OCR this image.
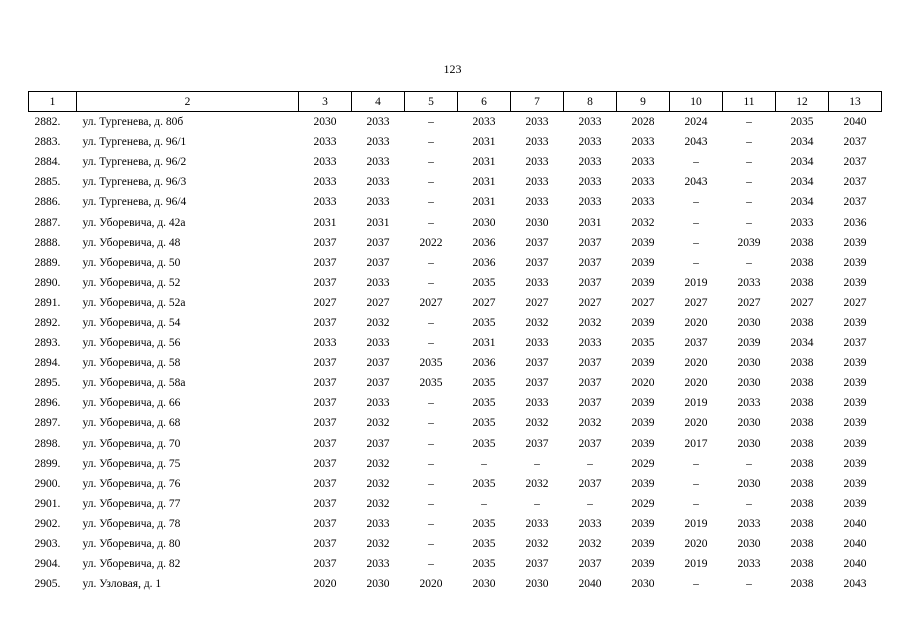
123
1	2	3	4	5	6	7	8	9	10	11	12	13
2882.	ул. Тургенева, д. 80б	2030	2033	–	2033	2033	2033	2028	2024	–	2035	2040
2883.	ул. Тургенева, д. 96/1	2033	2033	–	2031	2033	2033	2033	2043	–	2034	2037
2884.	ул. Тургенева, д. 96/2	2033	2033	–	2031	2033	2033	2033	–	–	2034	2037
2885.	ул. Тургенева, д. 96/3	2033	2033	–	2031	2033	2033	2033	2043	–	2034	2037
2886.	ул. Тургенева, д. 96/4	2033	2033	–	2031	2033	2033	2033	–	–	2034	2037
2887.	ул. Уборевича, д. 42а	2031	2031	–	2030	2030	2031	2032	–	–	2033	2036
2888.	ул. Уборевича, д. 48	2037	2037	2022	2036	2037	2037	2039	–	2039	2038	2039
2889.	ул. Уборевича, д. 50	2037	2037	–	2036	2037	2037	2039	–	–	2038	2039
2890.	ул. Уборевича, д. 52	2037	2033	–	2035	2033	2037	2039	2019	2033	2038	2039
2891.	ул. Уборевича, д. 52а	2027	2027	2027	2027	2027	2027	2027	2027	2027	2027	2027
2892.	ул. Уборевича, д. 54	2037	2032	–	2035	2032	2032	2039	2020	2030	2038	2039
2893.	ул. Уборевича, д. 56	2033	2033	–	2031	2033	2033	2035	2037	2039	2034	2037
2894.	ул. Уборевича, д. 58	2037	2037	2035	2036	2037	2037	2039	2020	2030	2038	2039
2895.	ул. Уборевича, д. 58а	2037	2037	2035	2035	2037	2037	2020	2020	2030	2038	2039
2896.	ул. Уборевича, д. 66	2037	2033	–	2035	2033	2037	2039	2019	2033	2038	2039
2897.	ул. Уборевича, д. 68	2037	2032	–	2035	2032	2032	2039	2020	2030	2038	2039
2898.	ул. Уборевича, д. 70	2037	2037	–	2035	2037	2037	2039	2017	2030	2038	2039
2899.	ул. Уборевича, д. 75	2037	2032	–	–	–	–	2029	–	–	2038	2039
2900.	ул. Уборевича, д. 76	2037	2032	–	2035	2032	2037	2039	–	2030	2038	2039
2901.	ул. Уборевича, д. 77	2037	2032	–	–	–	–	2029	–	–	2038	2039
2902.	ул. Уборевича, д. 78	2037	2033	–	2035	2033	2033	2039	2019	2033	2038	2040
2903.	ул. Уборевича, д. 80	2037	2032	–	2035	2032	2032	2039	2020	2030	2038	2040
2904.	ул. Уборевича, д. 82	2037	2033	–	2035	2037	2037	2039	2019	2033	2038	2040
2905.	ул. Узловая, д. 1	2020	2030	2020	2030	2030	2040	2030	–	–	2038	2043
